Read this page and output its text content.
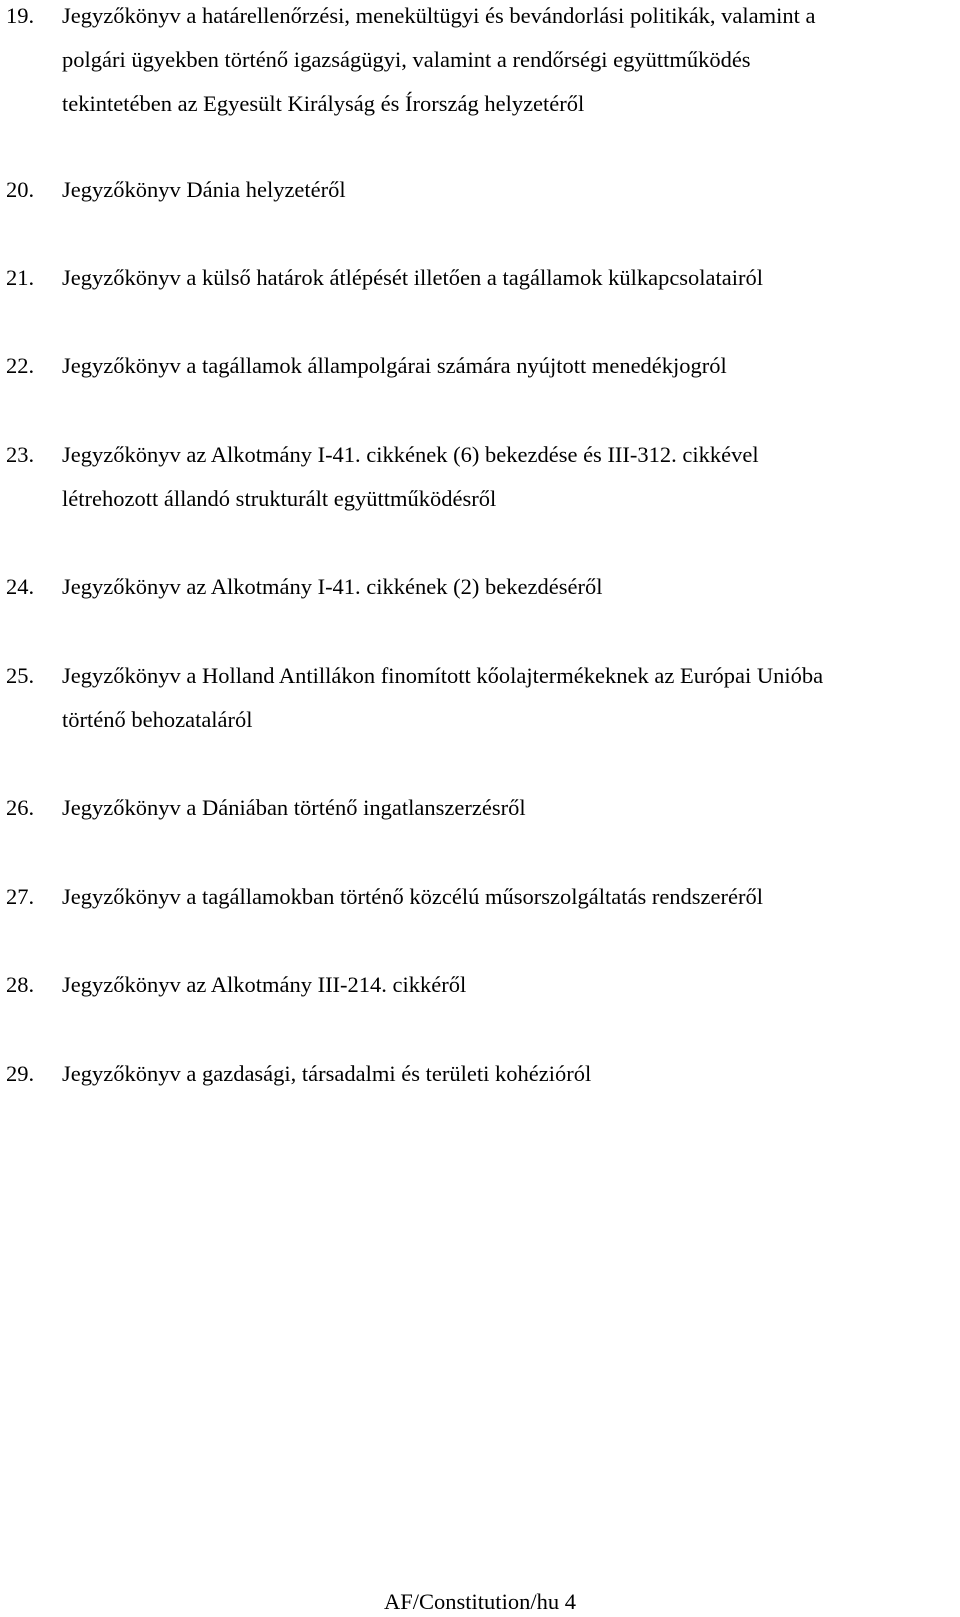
19. Jegyzőkönyv a határellenőrzési, menekültügyi és bevándorlási politikák, valamint a
polgári ügyekben történő igazságügyi, valamint a rendőrségi együttműködés
tekintetében az Egyesült Királyság és Írország helyzetéről
20. Jegyzőkönyv Dánia helyzetéről
21. Jegyzőkönyv a külső határok átlépését illetően a tagállamok külkapcsolatairól
22. Jegyzőkönyv a tagállamok állampolgárai számára nyújtott menedékjogról
23. Jegyzőkönyv az Alkotmány I-41. cikkének (6) bekezdése és III-312. cikkével
létrehozott állandó strukturált együttműködésről
24. Jegyzőkönyv az Alkotmány I-41. cikkének (2) bekezdéséről
25. Jegyzőkönyv a Holland Antillákon finomított kőolajtermékeknek az Európai Unióba
történő behozataláról
26. Jegyzőkönyv a Dániában történő ingatlanszerzésről
27. Jegyzőkönyv a tagállamokban történő közcélú műsorszolgáltatás rendszeréről
28. Jegyzőkönyv az Alkotmány III-214. cikkéről
29. Jegyzőkönyv a gazdasági, társadalmi és területi kohézióról
AF/Constitution/hu 4
